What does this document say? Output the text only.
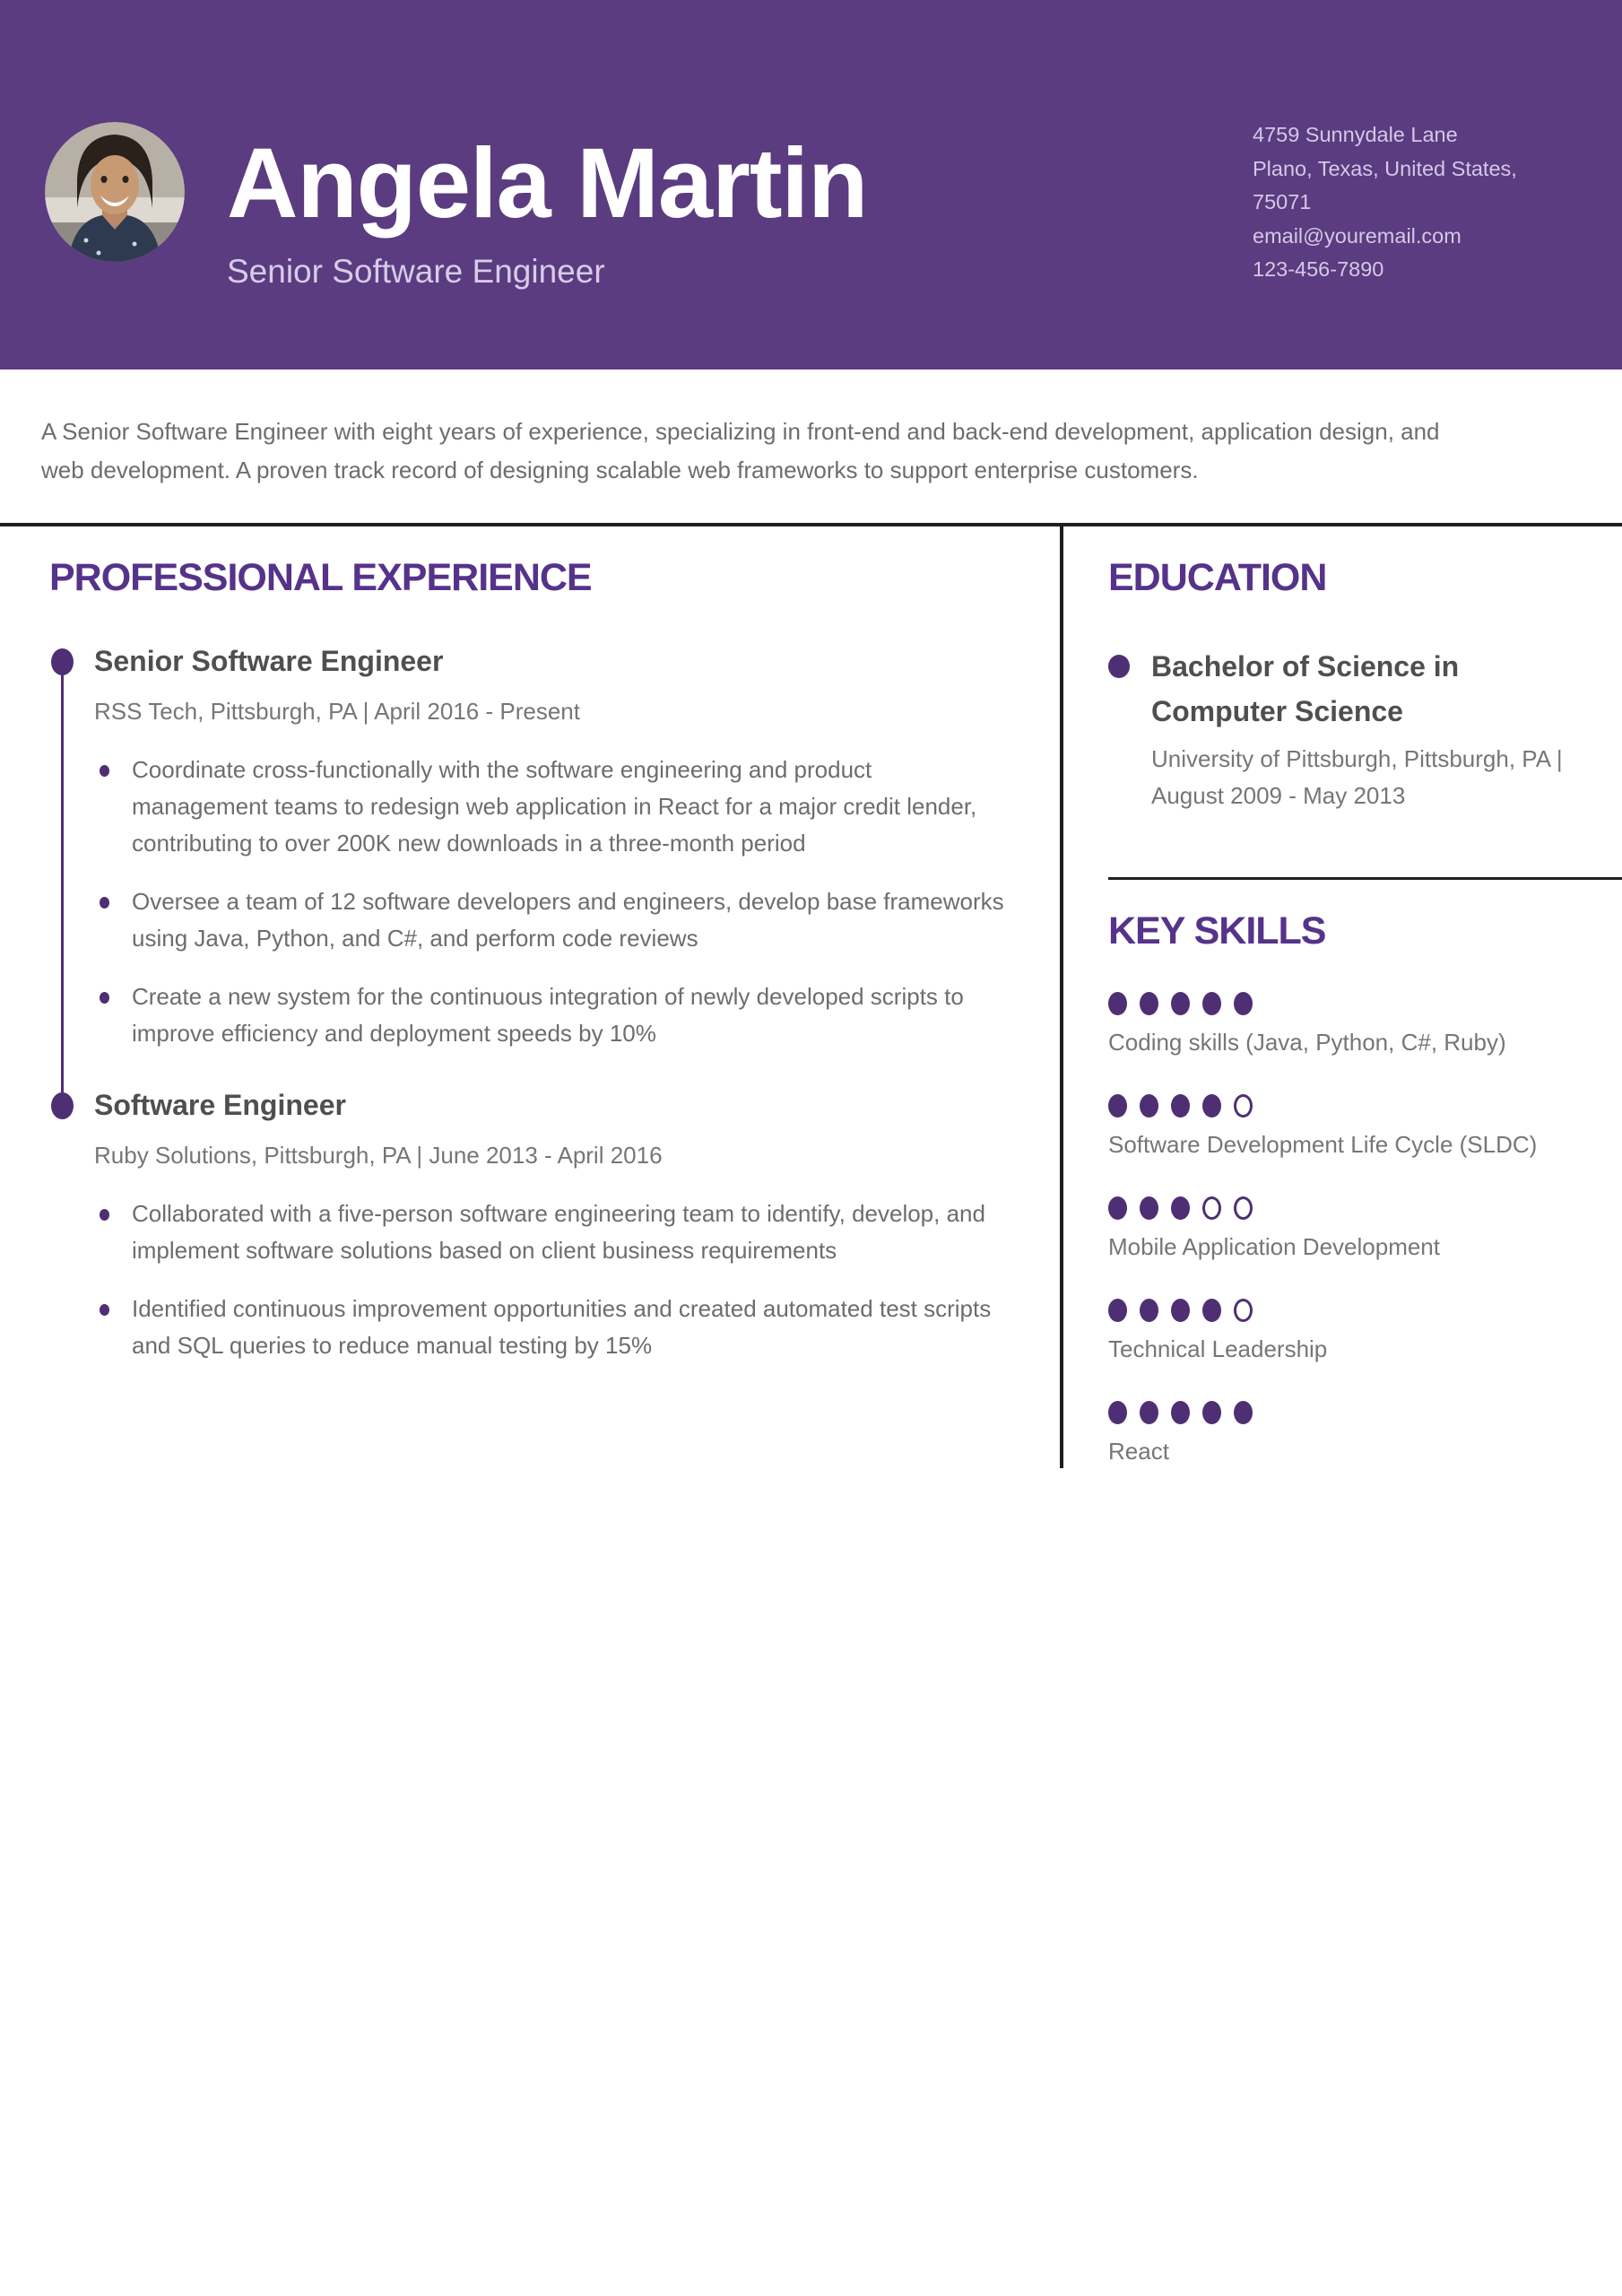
Angela Martin
Senior Software Engineer
4759 Sunnydale Lane
Plano, Texas, United States,
75071
email@youremail.com
123-456-7890

A Senior Software Engineer with eight years of experience, specializing in front-end and back-end development, application design, and web development. A proven track record of designing scalable web frameworks to support enterprise customers.

PROFESSIONAL EXPERIENCE
Senior Software Engineer
RSS Tech, Pittsburgh, PA | April 2016 - Present
Coordinate cross-functionally with the software engineering and product management teams to redesign web application in React for a major credit lender, contributing to over 200K new downloads in a three-month period
Oversee a team of 12 software developers and engineers, develop base frameworks using Java, Python, and C#, and perform code reviews
Create a new system for the continuous integration of newly developed scripts to improve efficiency and deployment speeds by 10%
Software Engineer
Ruby Solutions, Pittsburgh, PA | June 2013 - April 2016
Collaborated with a five-person software engineering team to identify, develop, and implement software solutions based on client business requirements
Identified continuous improvement opportunities and created automated test scripts and SQL queries to reduce manual testing by 15%
EDUCATION

Bachelor of Science in Computer Science

University of Pittsburgh, Pittsburgh, PA | August 2009 - May 2013
KEY SKILLS
Coding skills (Java, Python, C#, Ruby)
Software Development Life Cycle (SLDC)
Mobile Application Development
Technical Leadership
React
